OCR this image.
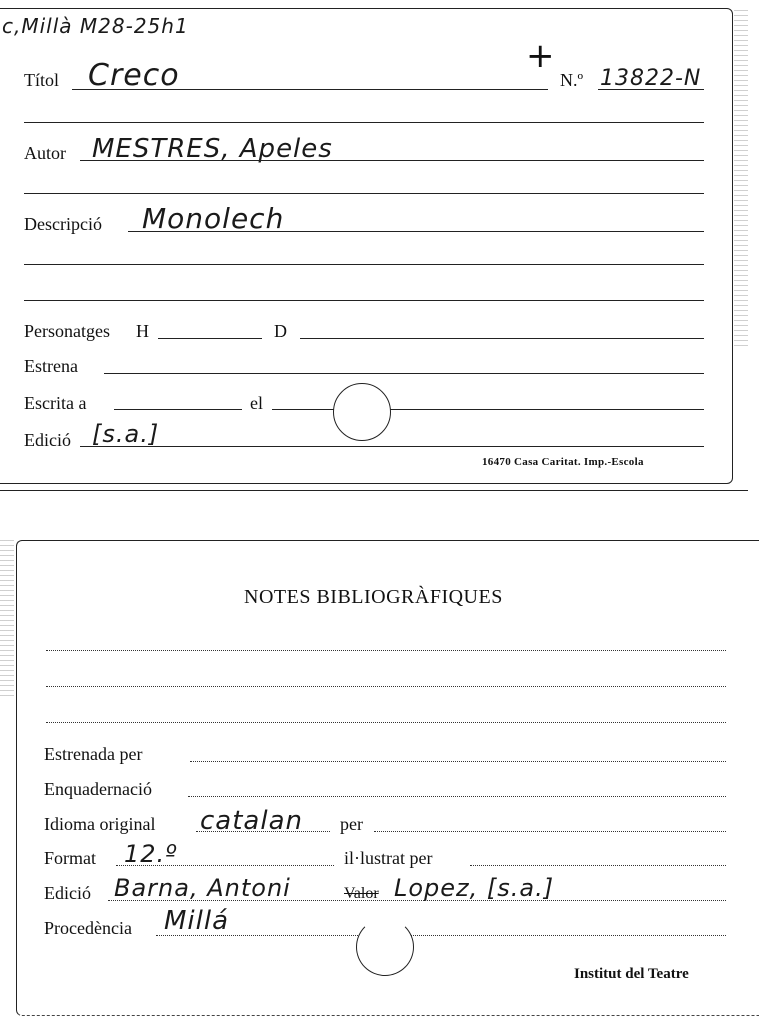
c,Millà M28-25h1
+
Títol Creco	N.º 13822-N
Autor MESTRES, Apeles
Descripció Monolech
Personatges H	D
Estrena
Escrita a	el
Edició [s.a.]
16470 Casa Caritat. Imp.-Escola
NOTES BIBLIOGRÀFIQUES
Estrenada per
Enquadernació
Idioma original catalan per
Format 12.º	il·lustrat per
Edició Barna, Antoni	Valor Lopez, [s.a.]
Procedència Millá
Institut del Teatre
